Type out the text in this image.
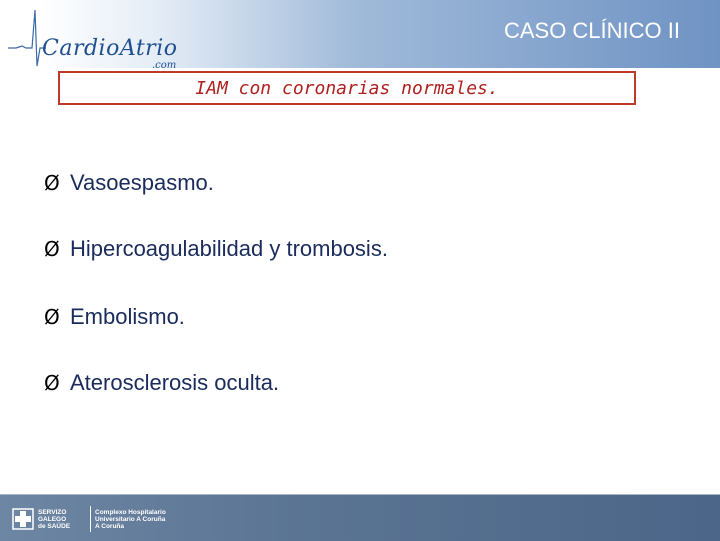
CardioAtrio
.com
CASO CLÍNICO II
IAM con coronarias normales.
Ø Vasoespasmo.
Ø Hipercoagulabilidad y trombosis.
Ø Embolismo.
Ø Aterosclerosis oculta.
SERVIZO
GALEGO
de SAÚDE
Complexo Hospitalario
Universitario A Coruña
A Coruña
